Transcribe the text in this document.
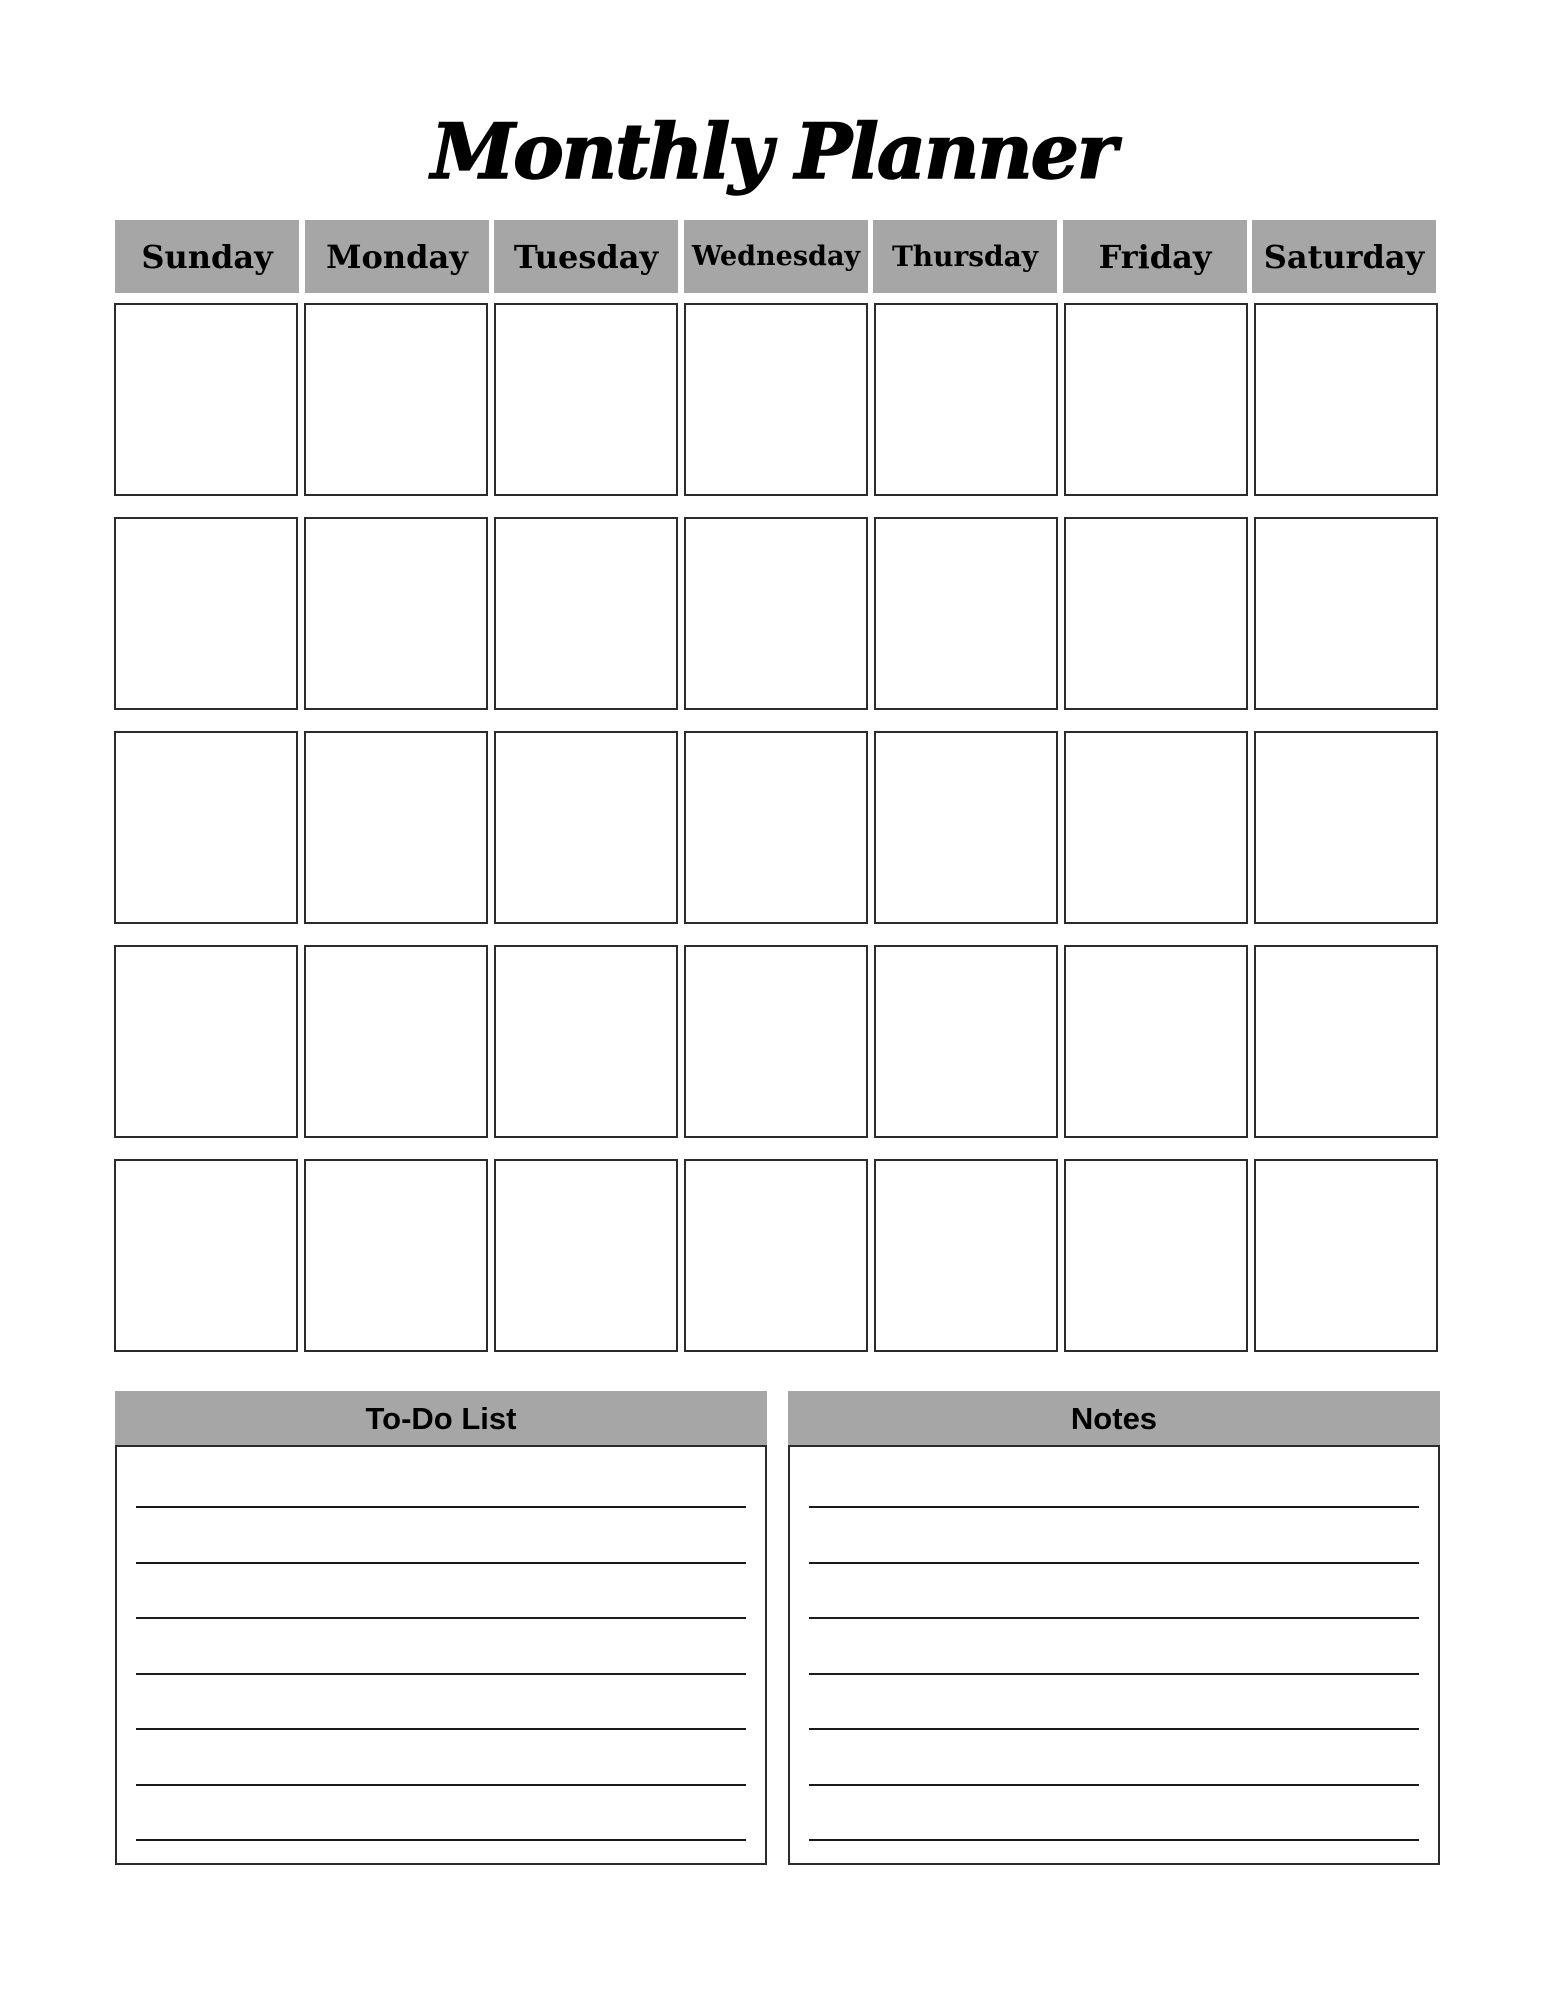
Monthly Planner
Sunday	Monday	Tuesday	Wednesday	Thursday	Friday	Saturday
To-Do List	Notes
